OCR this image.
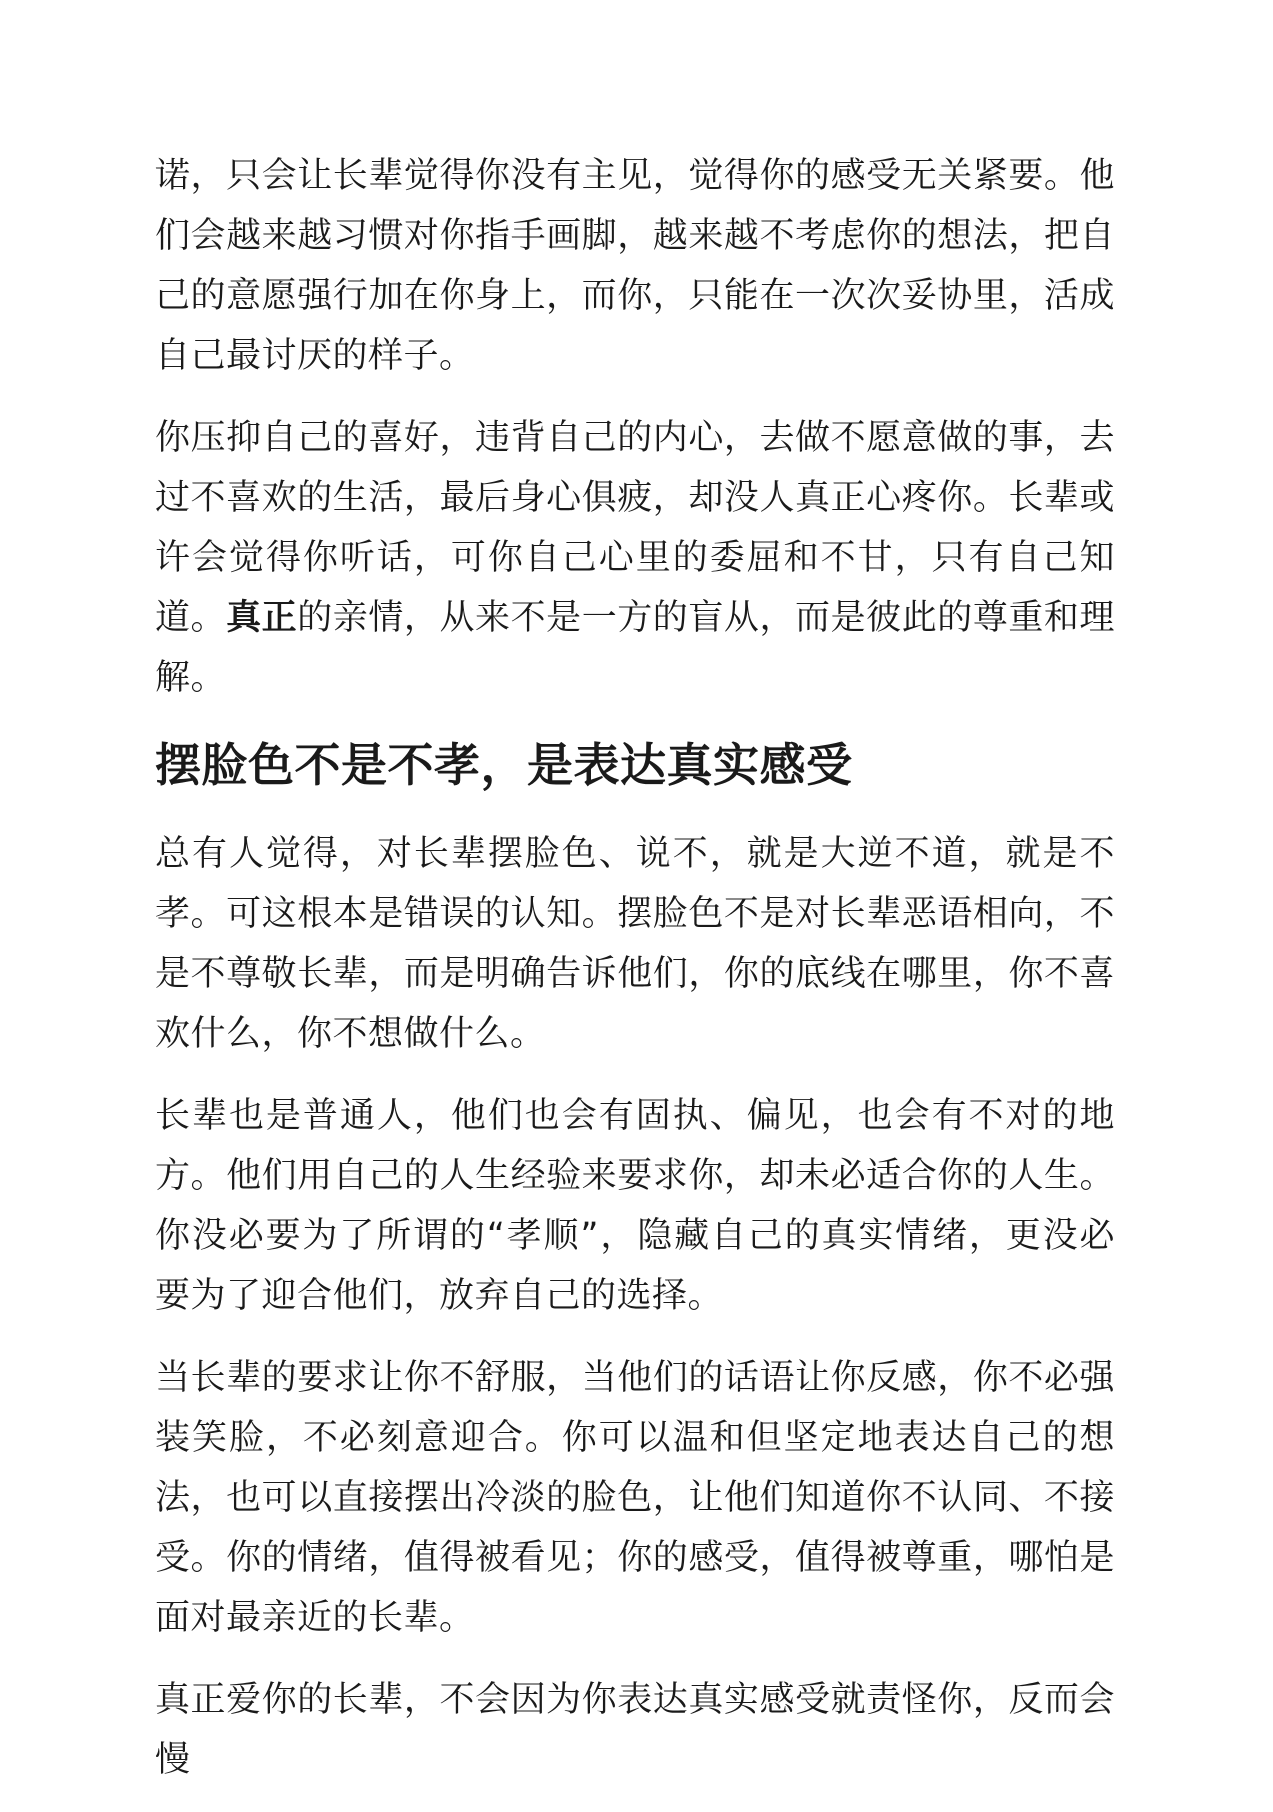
诺，只会让长辈觉得你没有主见，觉得你的感受无关紧要。他们会越来越习惯对你指手画脚，越来越不考虑你的想法，把自己的意愿强行加在你身上，而你，只能在一次次妥协里，活成自己最讨厌的样子。

你压抑自己的喜好，违背自己的内心，去做不愿意做的事，去过不喜欢的生活，最后身心俱疲，却没人真正心疼你。长辈或许会觉得你听话，可你自己心里的委屈和不甘，只有自己知道。真正的亲情，从来不是一方的盲从，而是彼此的尊重和理解。

摆脸色不是不孝，是表达真实感受

总有人觉得，对长辈摆脸色、说不，就是大逆不道，就是不孝。可这根本是错误的认知。摆脸色不是对长辈恶语相向，不是不尊敬长辈，而是明确告诉他们，你的底线在哪里，你不喜欢什么，你不想做什么。

长辈也是普通人，他们也会有固执、偏见，也会有不对的地方。他们用自己的人生经验来要求你，却未必适合你的人生。你没必要为了所谓的“孝顺”，隐藏自己的真实情绪，更没必要为了迎合他们，放弃自己的选择。

当长辈的要求让你不舒服，当他们的话语让你反感，你不必强装笑脸，不必刻意迎合。你可以温和但坚定地表达自己的想法，也可以直接摆出冷淡的脸色，让他们知道你不认同、不接受。你的情绪，值得被看见；你的感受，值得被尊重，哪怕是面对最亲近的长辈。

真正爱你的长辈，不会因为你表达真实感受就责怪你，反而会慢
